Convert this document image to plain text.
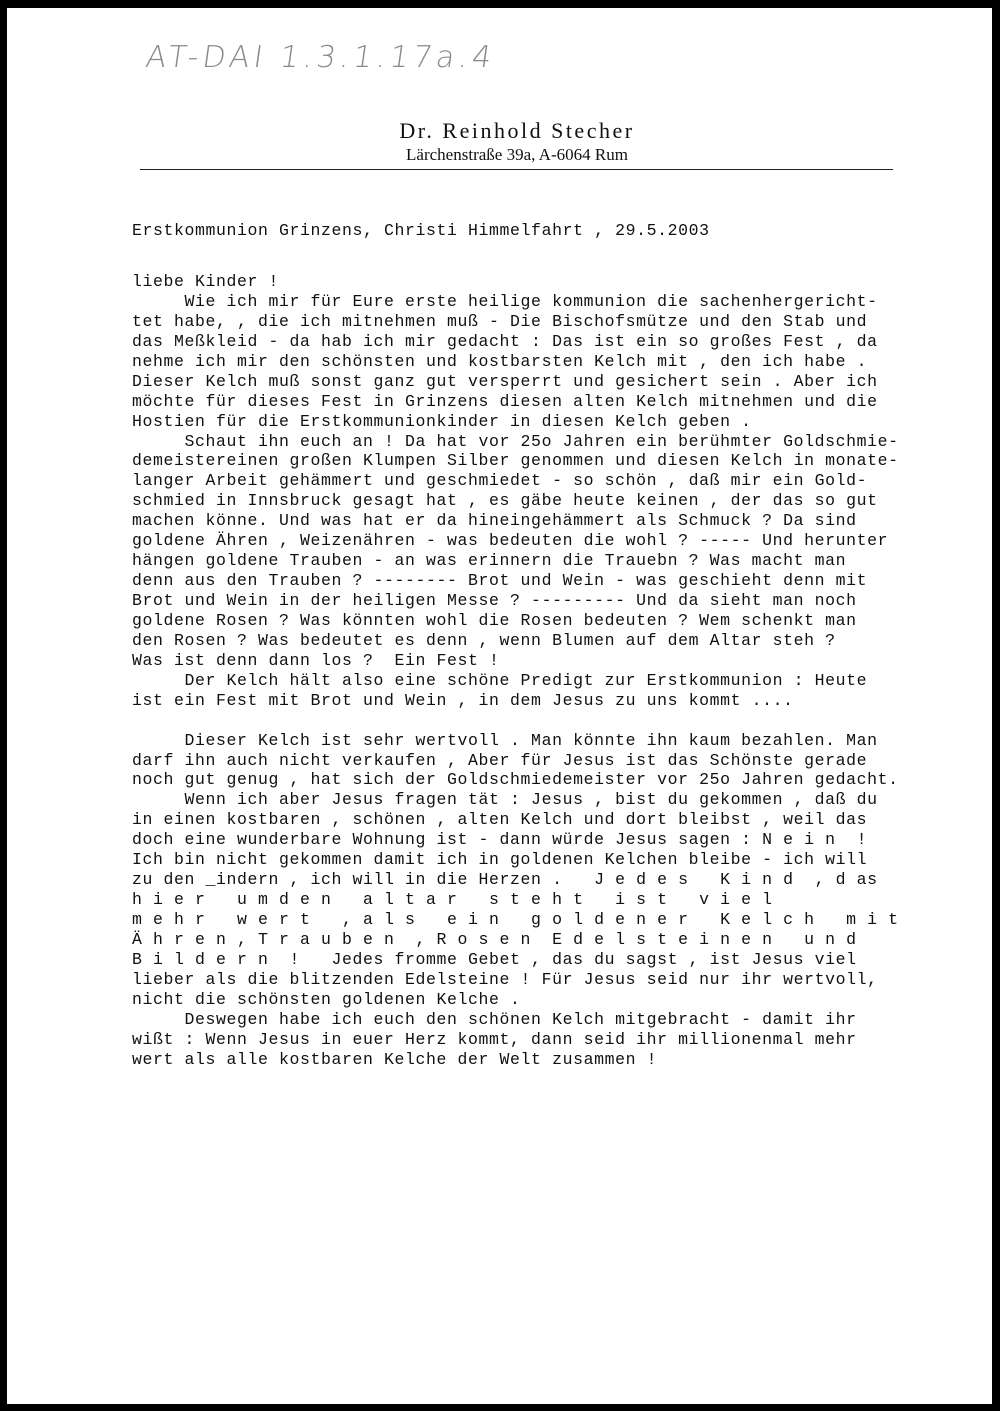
AT-DAI 1.3.1.17a.4
Dr. Reinhold Stecher
Lärchenstraße 39a, A-6064 Rum
Erstkommunion Grinzens, Christi Himmelfahrt , 29.5.2003
liebe Kinder !
Wie ich mir für Eure erste heilige kommunion die sachenhergericht-
tet habe, , die ich mitnehmen muß - Die Bischofsmütze und den Stab und
das Meßkleid - da hab ich mir gedacht : Das ist ein so großes Fest , da
nehme ich mir den schönsten und kostbarsten Kelch mit , den ich habe .
Dieser Kelch muß sonst ganz gut versperrt und gesichert sein . Aber ich
möchte für dieses Fest in Grinzens diesen alten Kelch mitnehmen und die
Hostien für die Erstkommunionkinder in diesen Kelch geben .
Schaut ihn euch an ! Da hat vor 25o Jahren ein berühmter Goldschmie-
demeistereinen großen Klumpen Silber genommen und diesen Kelch in monate-
langer Arbeit gehämmert und geschmiedet - so schön , daß mir ein Gold-
schmied in Innsbruck gesagt hat , es gäbe heute keinen , der das so gut
machen könne. Und was hat er da hineingehämmert als Schmuck ? Da sind
goldene Ähren , Weizenähren - was bedeuten die wohl ? ----- Und herunter
hängen goldene Trauben - an was erinnern die Trauebn ? Was macht man
denn aus den Trauben ? -------- Brot und Wein - was geschieht denn mit
Brot und Wein in der heiligen Messe ? --------- Und da sieht man noch
goldene Rosen ? Was könnten wohl die Rosen bedeuten ? Wem schenkt man
den Rosen ? Was bedeutet es denn , wenn Blumen auf dem Altar steh ?
Was ist denn dann los ?  Ein Fest !
Der Kelch hält also eine schöne Predigt zur Erstkommunion : Heute
ist ein Fest mit Brot und Wein , in dem Jesus zu uns kommt ....
Dieser Kelch ist sehr wertvoll . Man könnte ihn kaum bezahlen. Man
darf ihn auch nicht verkaufen , Aber für Jesus ist das Schönste gerade
noch gut genug , hat sich der Goldschmiedemeister vor 25o Jahren gedacht.
Wenn ich aber Jesus fragen tät : Jesus , bist du gekommen , daß du
in einen kostbaren , schönen , alten Kelch und dort bleibst , weil das
doch eine wunderbare Wohnung ist - dann würde Jesus sagen : N e i n  !
Ich bin nicht gekommen damit ich in goldenen Kelchen bleibe - ich will
zu den _indern , ich will in die Herzen .   J e d e s   K i n d  , d as
h i e r   u m d e n   a l t a r   s t e h t   i s t   v i e l
m e h r   w e r t   , a l s   e i n   g o l d e n e r   K e l c h   m i t
Ä h r e n , T r a u b e n  , R o s e n  E d e l s t e i n e n   u n d
B i l d e r n  !   Jedes fromme Gebet , das du sagst , ist Jesus viel
lieber als die blitzenden Edelsteine ! Für Jesus seid nur ihr wertvoll,
nicht die schönsten goldenen Kelche .
Deswegen habe ich euch den schönen Kelch mitgebracht - damit ihr
wißt : Wenn Jesus in euer Herz kommt, dann seid ihr millionenmal mehr
wert als alle kostbaren Kelche der Welt zusammen !
